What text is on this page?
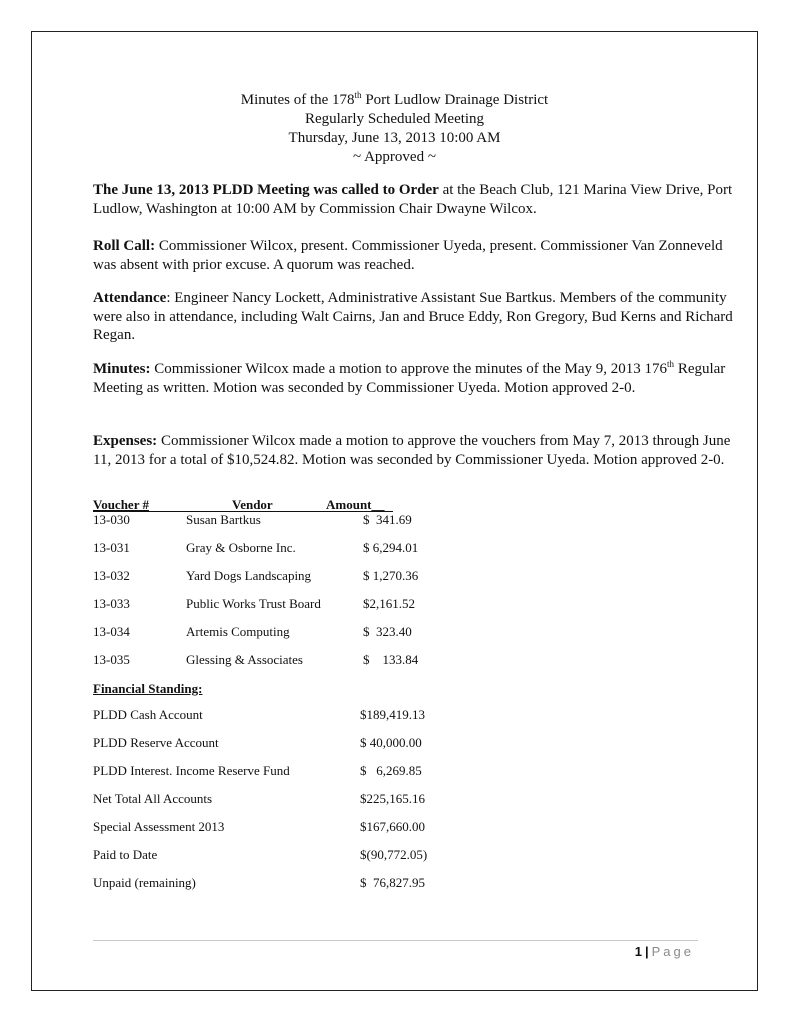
Minutes of the 178th Port Ludlow Drainage District
Regularly Scheduled Meeting
Thursday, June 13, 2013 10:00 AM
~ Approved ~
The June 13, 2013 PLDD Meeting was called to Order at the Beach Club, 121 Marina View Drive, Port Ludlow, Washington at 10:00 AM by Commission Chair Dwayne Wilcox.
Roll Call: Commissioner Wilcox, present. Commissioner Uyeda, present. Commissioner Van Zonneveld was absent with prior excuse. A quorum was reached.
Attendance: Engineer Nancy Lockett, Administrative Assistant Sue Bartkus. Members of the community were also in attendance, including Walt Cairns, Jan and Bruce Eddy, Ron Gregory, Bud Kerns and Richard Regan.
Minutes: Commissioner Wilcox made a motion to approve the minutes of the May 9, 2013 176th Regular Meeting as written. Motion was seconded by Commissioner Uyeda. Motion approved 2-0.
Expenses: Commissioner Wilcox made a motion to approve the vouchers from May 7, 2013 through June 11, 2013 for a total of $10,524.82. Motion was seconded by Commissioner Uyeda. Motion approved 2-0.
Voucher #	Vendor	Amount__
13-030	Susan Bartkus	$  341.69
13-031	Gray & Osborne Inc.	$ 6,294.01
13-032	Yard Dogs Landscaping	$ 1,270.36
13-033	Public Works Trust Board	$2,161.52
13-034	Artemis Computing	$  323.40
13-035	Glessing & Associates	$    133.84
Financial Standing:
PLDD Cash Account	$189,419.13
PLDD Reserve Account	$ 40,000.00
PLDD Interest. Income Reserve Fund	$   6,269.85
Net Total All Accounts	$225,165.16
Special Assessment 2013	$167,660.00
Paid to Date	$(90,772.05)
Unpaid (remaining)	$  76,827.95
1 | Page
